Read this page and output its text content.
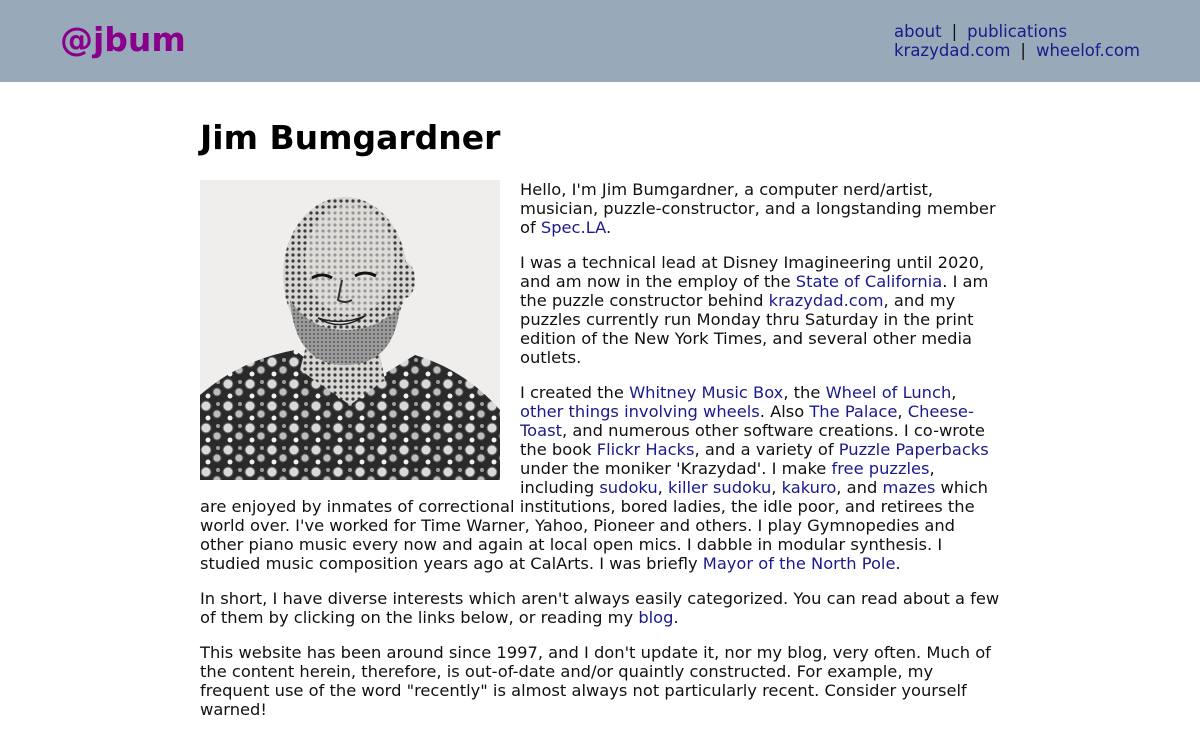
@jbum	about | publications
krazydad.com | wheelof.com
Jim Bumgardner

Hello, I'm Jim Bumgardner, a computer nerd/artist, musician, puzzle-constructor, and a longstanding member of Spec.LA.

I was a technical lead at Disney Imagineering until 2020, and am now in the employ of the State of California. I am the puzzle constructor behind krazydad.com, and my puzzles currently run Monday thru Saturday in the print edition of the New York Times, and several other media outlets.

I created the Whitney Music Box, the Wheel of Lunch, other things involving wheels. Also The Palace, Cheese-Toast, and numerous other software creations. I co-wrote the book Flickr Hacks, and a variety of Puzzle Paperbacks under the moniker 'Krazydad'. I make free puzzles, including sudoku, killer sudoku, kakuro, and mazes which are enjoyed by inmates of correctional institutions, bored ladies, the idle poor, and retirees the world over. I've worked for Time Warner, Yahoo, Pioneer and others. I play Gymnopedies and other piano music every now and again at local open mics. I dabble in modular synthesis. I studied music composition years ago at CalArts. I was briefly Mayor of the North Pole.

In short, I have diverse interests which aren't always easily categorized. You can read about a few of them by clicking on the links below, or reading my blog.

This website has been around since 1997, and I don't update it, nor my blog, very often. Much of the content herein, therefore, is out-of-date and/or quaintly constructed. For example, my frequent use of the word "recently" is almost always not particularly recent. Consider yourself warned!
